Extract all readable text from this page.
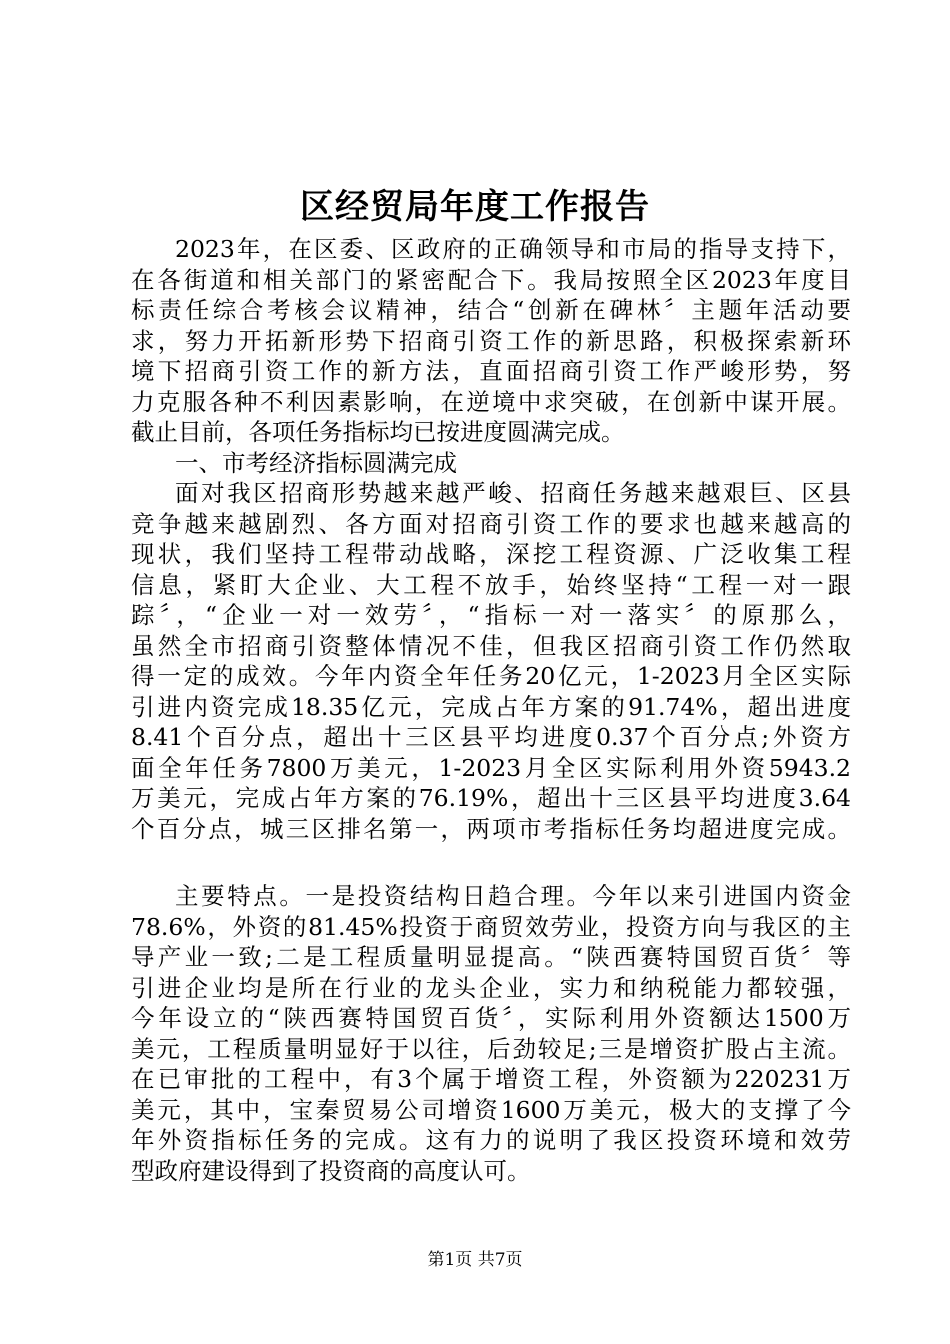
区经贸局年度工作报告
2023年，在区委、区政府的正确领导和市局的指导支持下，
在各街道和相关部门的紧密配合下。我局按照全区2023年度目
标责任综合考核会议精神，结合“创新在碑林〞主题年活动要
求，努力开拓新形势下招商引资工作的新思路，积极探索新环
境下招商引资工作的新方法，直面招商引资工作严峻形势，努
力克服各种不利因素影响，在逆境中求突破，在创新中谋开展。
截止目前，各项任务指标均已按进度圆满完成。
一、市考经济指标圆满完成
面对我区招商形势越来越严峻、招商任务越来越艰巨、区县
竞争越来越剧烈、各方面对招商引资工作的要求也越来越高的
现状，我们坚持工程带动战略，深挖工程资源、广泛收集工程
信息，紧盯大企业、大工程不放手，始终坚持“工程一对一跟
踪〞，“企业一对一效劳〞，“指标一对一落实〞的原那么，
虽然全市招商引资整体情况不佳，但我区招商引资工作仍然取
得一定的成效。今年内资全年任务20亿元，1-2023月全区实际
引进内资完成18.35亿元，完成占年方案的91.74%，超出进度
8.41个百分点，超出十三区县平均进度0.37个百分点;外资方
面全年任务7800万美元，1-2023月全区实际利用外资5943.2
万美元，完成占年方案的76.19%，超出十三区县平均进度3.64
个百分点，城三区排名第一，两项市考指标任务均超进度完成。
主要特点。一是投资结构日趋合理。今年以来引进国内资金
78.6%，外资的81.45%投资于商贸效劳业，投资方向与我区的主
导产业一致;二是工程质量明显提高。“陕西赛特国贸百货〞等
引进企业均是所在行业的龙头企业，实力和纳税能力都较强，
今年设立的“陕西赛特国贸百货〞，实际利用外资额达1500万
美元，工程质量明显好于以往，后劲较足;三是增资扩股占主流。
在已审批的工程中，有3个属于增资工程，外资额为220231万
美元，其中，宝秦贸易公司增资1600万美元，极大的支撑了今
年外资指标任务的完成。这有力的说明了我区投资环境和效劳
型政府建设得到了投资商的高度认可。
第1页 共7页
